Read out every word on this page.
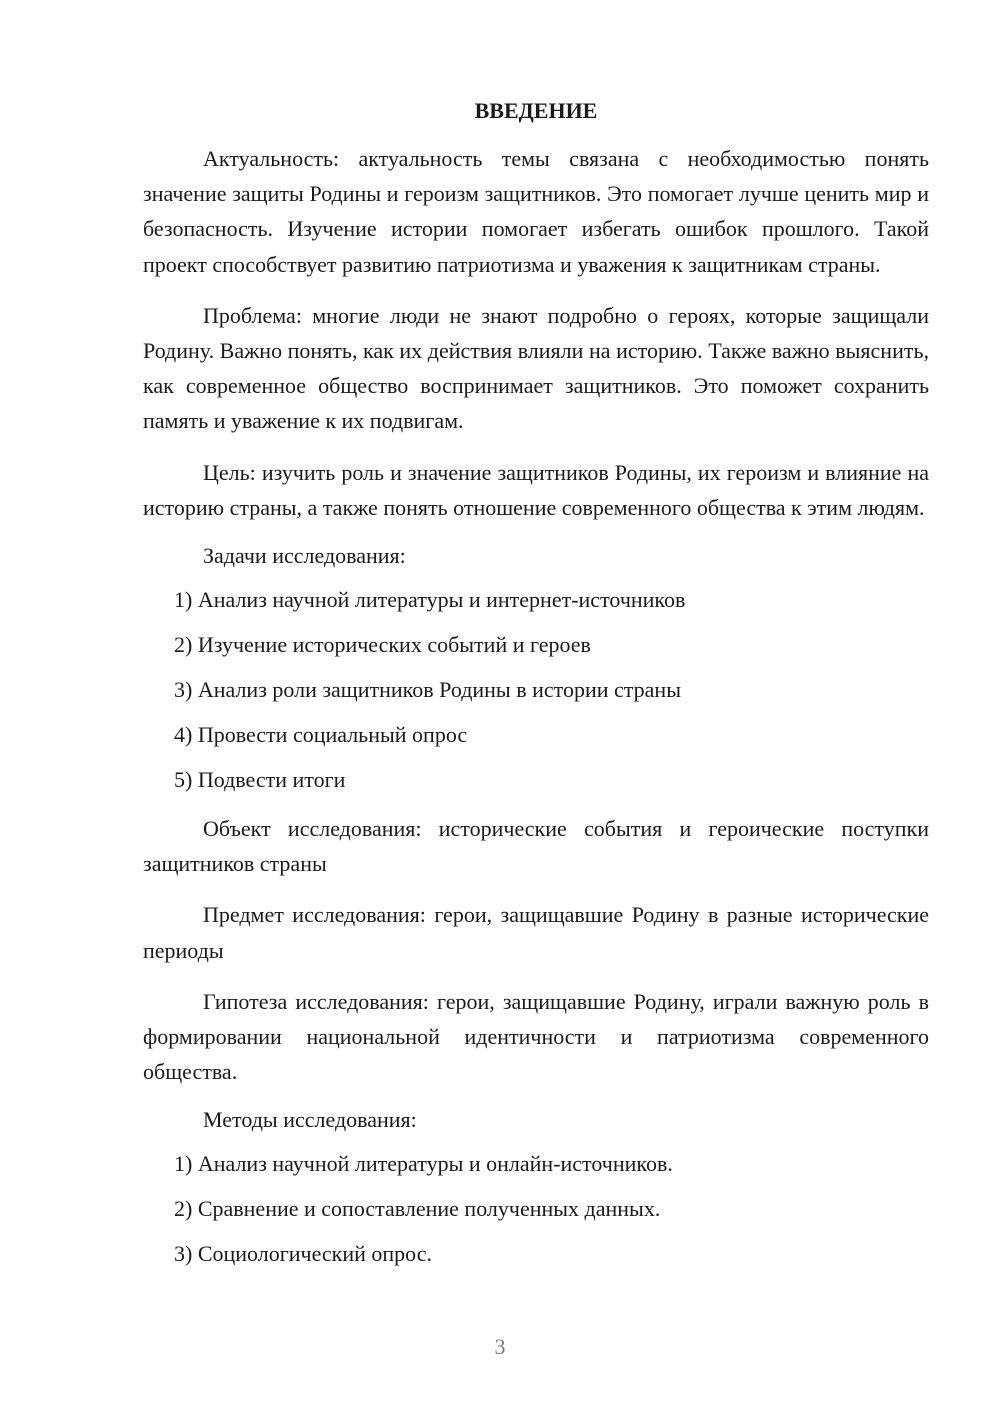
ВВЕДЕНИЕ

Актуальность: актуальность темы связана с необходимостью понять значение защиты Родины и героизм защитников. Это помогает лучше ценить мир и безопасность. Изучение истории помогает избегать ошибок прошлого. Такой проект способствует развитию патриотизма и уважения к защитникам страны.

Проблема: многие люди не знают подробно о героях, которые защищали Родину. Важно понять, как их действия влияли на историю. Также важно выяснить, как современное общество воспринимает защитников. Это поможет сохранить память и уважение к их подвигам.

Цель: изучить роль и значение защитников Родины, их героизм и влияние на историю страны, а также понять отношение современного общества к этим людям.

Задачи исследования:

1) Анализ научной литературы и интернет-источников

2) Изучение исторических событий и героев

3) Анализ роли защитников Родины в истории страны

4) Провести социальный опрос

5) Подвести итоги

Объект исследования: исторические события и героические поступки защитников страны

Предмет исследования: герои, защищавшие Родину в разные исторические периоды

Гипотеза исследования: герои, защищавшие Родину, играли важную роль в формировании национальной идентичности и патриотизма современного общества.

Методы исследования:

1) Анализ научной литературы и онлайн-источников.

2) Сравнение и сопоставление полученных данных.

3) Социологический опрос.

3
